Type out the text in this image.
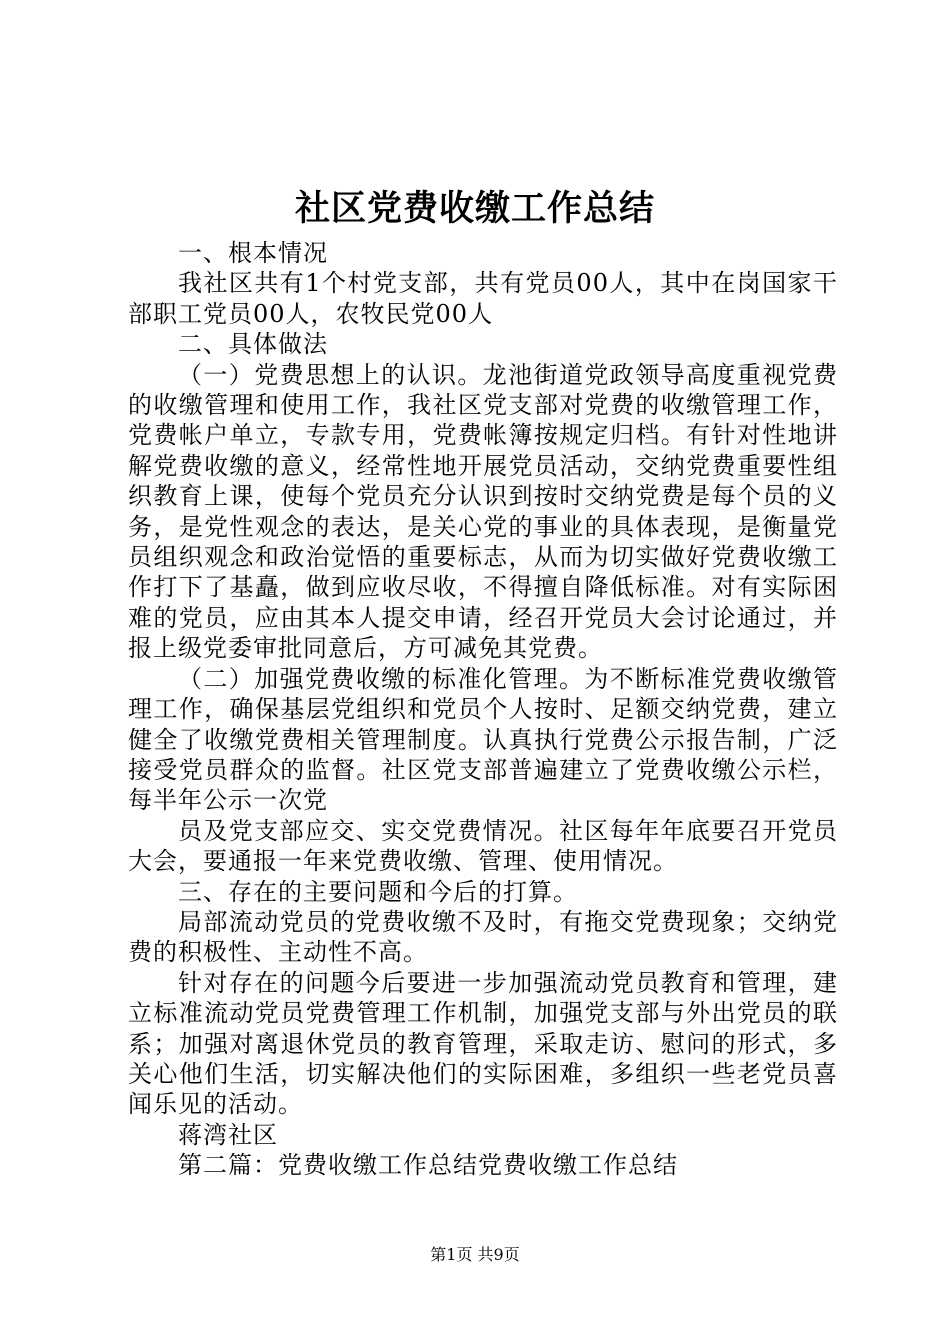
社区党费收缴工作总结

一、根本情况

我社区共有1个村党支部，共有党员00人，其中在岗国家干部职工党员00人，农牧民党00人

二、具体做法

（一）党费思想上的认识。龙池街道党政领导高度重视党费的收缴管理和使用工作，我社区党支部对党费的收缴管理工作，党费帐户单立，专款专用，党费帐簿按规定归档。有针对性地讲解党费收缴的意义，经常性地开展党员活动，交纳党费重要性组织教育上课，使每个党员充分认识到按时交纳党费是每个员的义务，是党性观念的表达，是关心党的事业的具体表现，是衡量党员组织观念和政治觉悟的重要标志，从而为切实做好党费收缴工作打下了基矗，做到应收尽收，不得擅自降低标准。对有实际困难的党员，应由其本人提交申请，经召开党员大会讨论通过，并报上级党委审批同意后，方可减免其党费。

（二）加强党费收缴的标准化管理。为不断标准党费收缴管理工作，确保基层党组织和党员个人按时、足额交纳党费，建立健全了收缴党费相关管理制度。认真执行党费公示报告制，广泛接受党员群众的监督。社区党支部普遍建立了党费收缴公示栏，每半年公示一次党

员及党支部应交、实交党费情况。社区每年年底要召开党员大会，要通报一年来党费收缴、管理、使用情况。

三、存在的主要问题和今后的打算。

局部流动党员的党费收缴不及时，有拖交党费现象；交纳党费的积极性、主动性不高。

针对存在的问题今后要进一步加强流动党员教育和管理，建立标准流动党员党费管理工作机制，加强党支部与外出党员的联系；加强对离退休党员的教育管理，采取走访、慰问的形式，多关心他们生活，切实解决他们的实际困难，多组织一些老党员喜闻乐见的活动。

蒋湾社区

第二篇：党费收缴工作总结党费收缴工作总结

第1页 共9页
